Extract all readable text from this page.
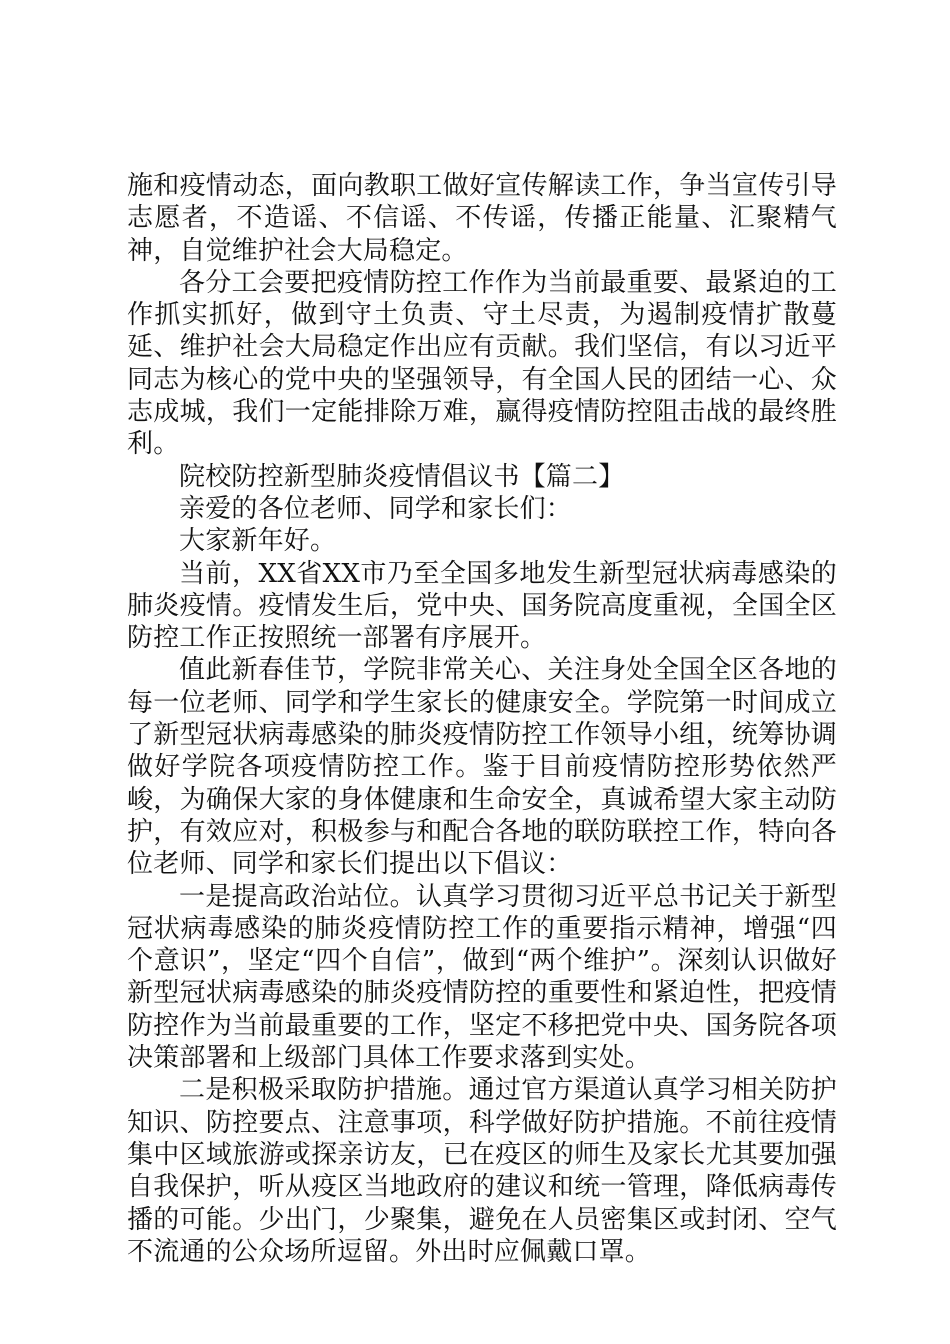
施和疫情动态，面向教职工做好宣传解读工作，争当宣传引导志愿者，不造谣、不信谣、不传谣，传播正能量、汇聚精气神，自觉维护社会大局稳定。

各分工会要把疫情防控工作作为当前最重要、最紧迫的工作抓实抓好，做到守土负责、守土尽责，为遏制疫情扩散蔓延、维护社会大局稳定作出应有贡献。我们坚信，有以习近平同志为核心的党中央的坚强领导，有全国人民的团结一心、众志成城，我们一定能排除万难，赢得疫情防控阻击战的最终胜利。

院校防控新型肺炎疫情倡议书【篇二】

亲爱的各位老师、同学和家长们：

大家新年好。

当前，XX省XX市乃至全国多地发生新型冠状病毒感染的肺炎疫情。疫情发生后，党中央、国务院高度重视，全国全区防控工作正按照统一部署有序展开。

值此新春佳节，学院非常关心、关注身处全国全区各地的每一位老师、同学和学生家长的健康安全。学院第一时间成立了新型冠状病毒感染的肺炎疫情防控工作领导小组，统筹协调做好学院各项疫情防控工作。鉴于目前疫情防控形势依然严峻，为确保大家的身体健康和生命安全，真诚希望大家主动防护，有效应对，积极参与和配合各地的联防联控工作，特向各位老师、同学和家长们提出以下倡议：

一是提高政治站位。认真学习贯彻习近平总书记关于新型冠状病毒感染的肺炎疫情防控工作的重要指示精神，增强“四个意识”，坚定“四个自信”，做到“两个维护”。深刻认识做好新型冠状病毒感染的肺炎疫情防控的重要性和紧迫性，把疫情防控作为当前最重要的工作，坚定不移把党中央、国务院各项决策部署和上级部门具体工作要求落到实处。

二是积极采取防护措施。通过官方渠道认真学习相关防护知识、防控要点、注意事项，科学做好防护措施。不前往疫情集中区域旅游或探亲访友，已在疫区的师生及家长尤其要加强自我保护，听从疫区当地政府的建议和统一管理，降低病毒传播的可能。少出门，少聚集，避免在人员密集区或封闭、空气不流通的公众场所逗留。外出时应佩戴口罩。
